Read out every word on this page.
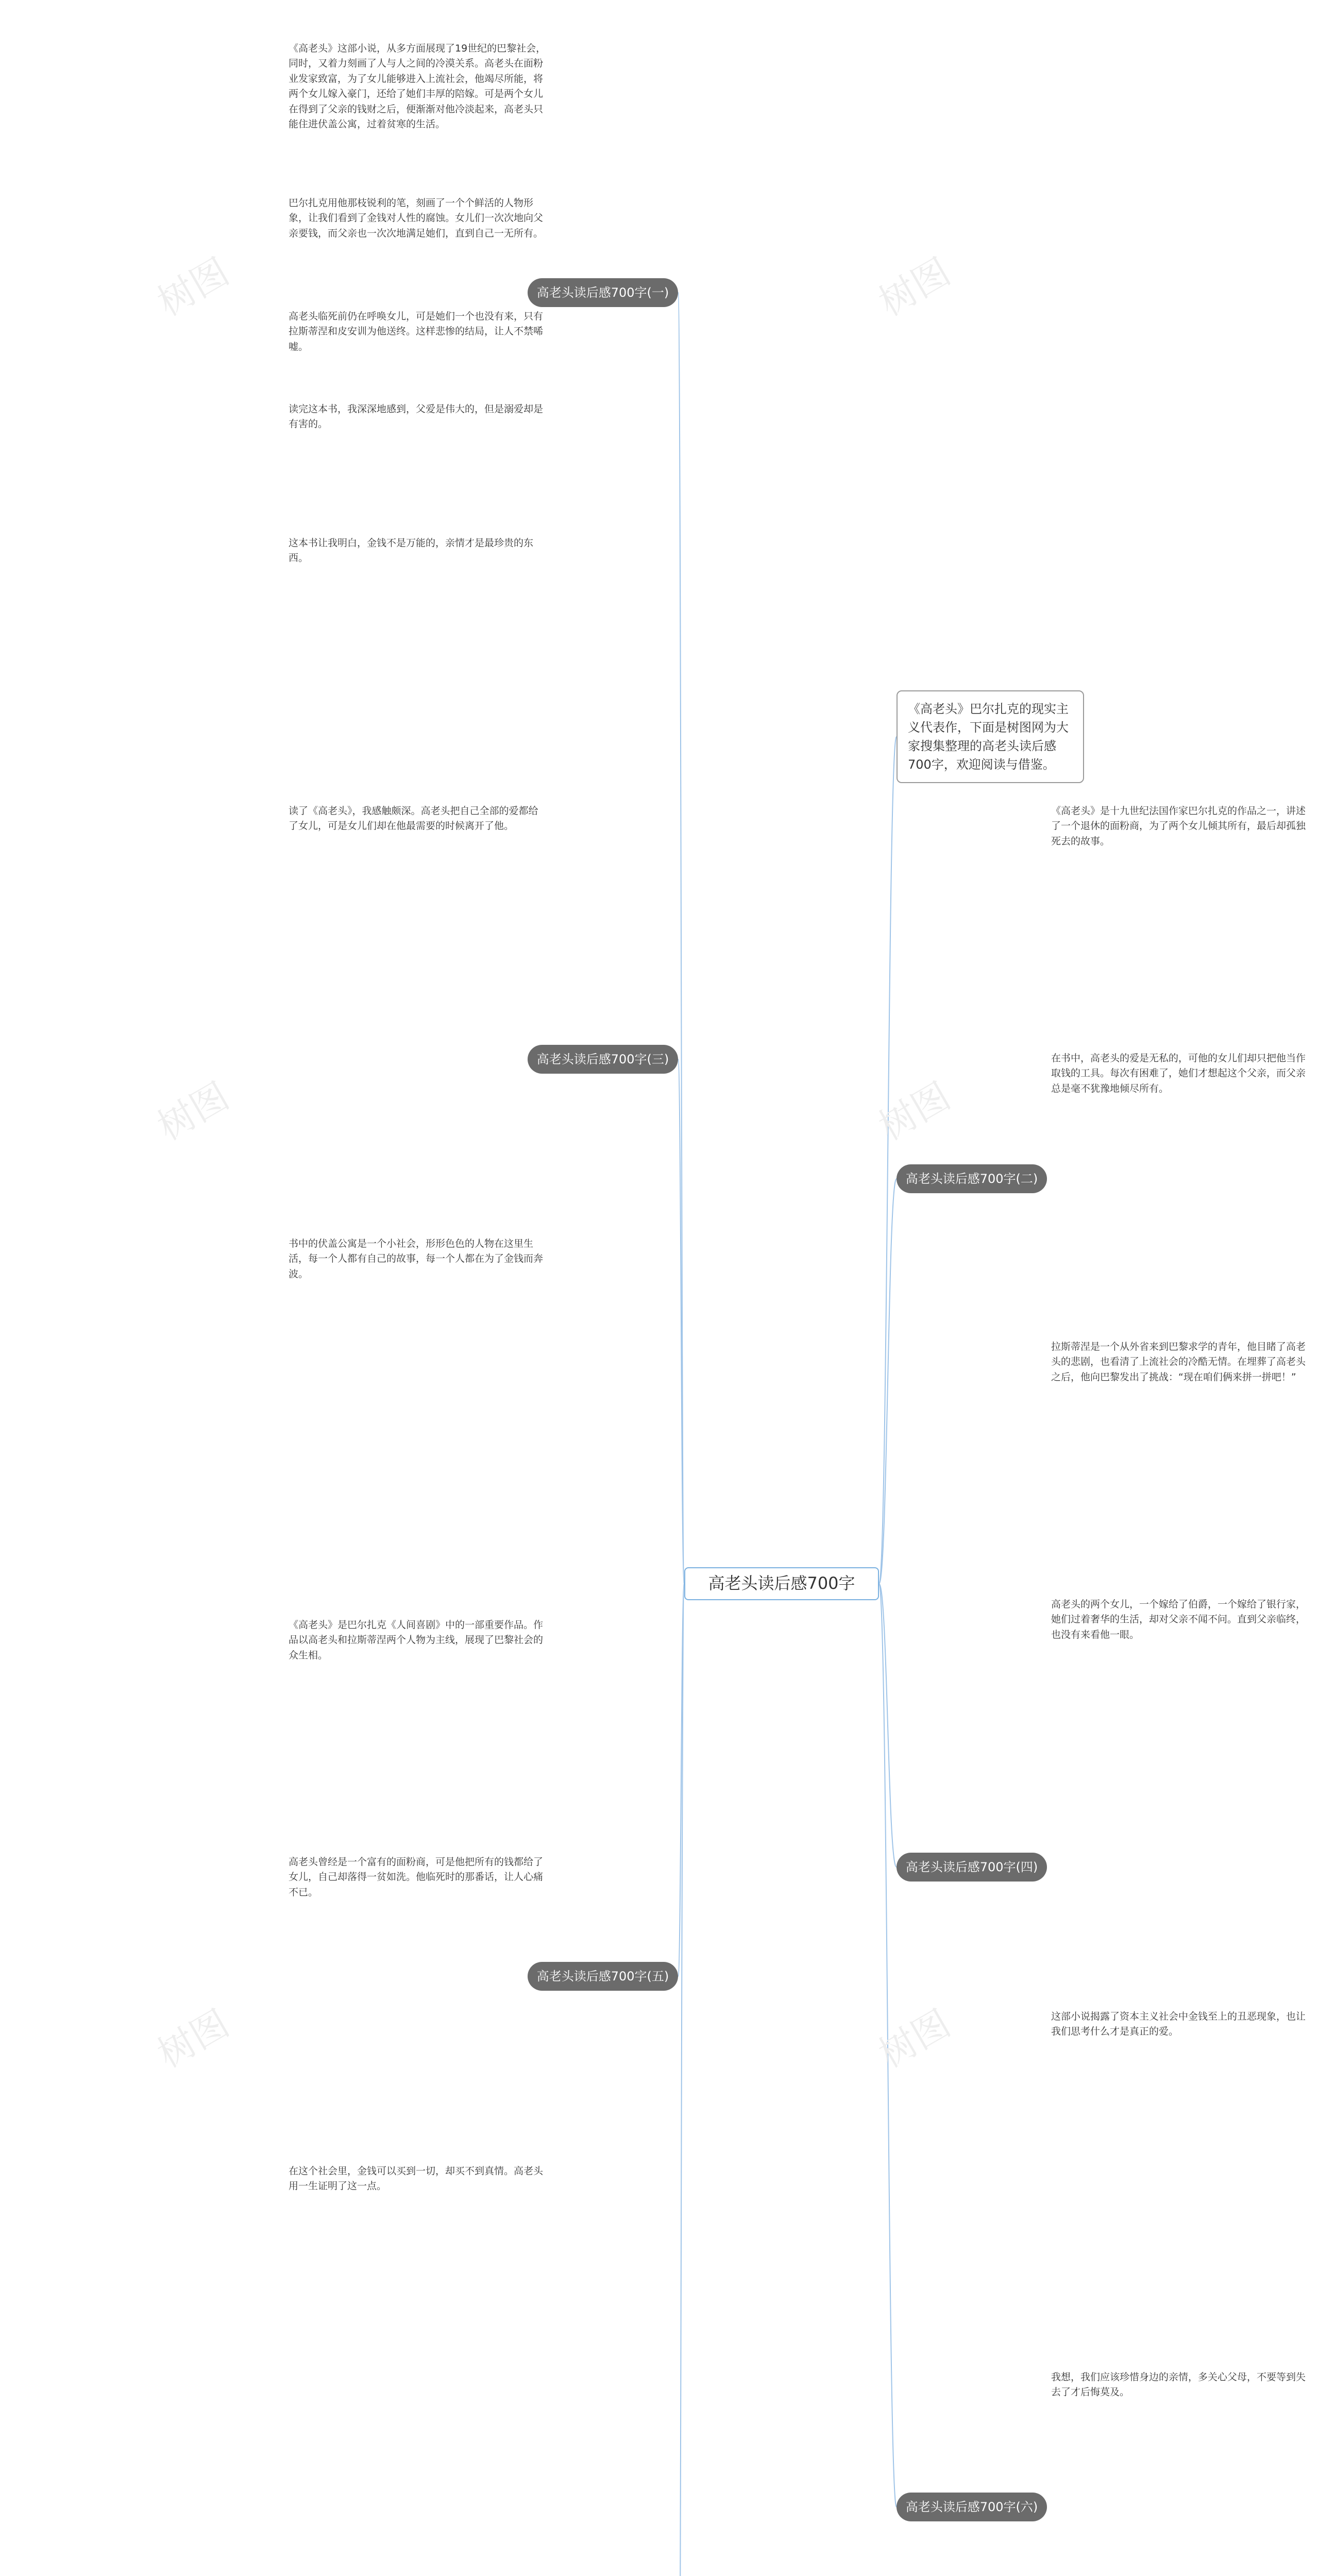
高老头读后感700字
《高老头》巴尔扎克的现实主义代表作，下面是树图网为大家搜集整理的高老头读后感700字，欢迎阅读与借鉴。
高老头读后感700字(一)
高老头读后感700字(二)
高老头读后感700字(三)
高老头读后感700字(四)
高老头读后感700字(五)
高老头读后感700字(六)
《高老头》这部小说，从多方面展现了19世纪的巴黎社会，同时，又着力刻画了人与人之间的冷漠关系。高老头在面粉业发家致富，为了女儿能够进入上流社会，他竭尽所能，将两个女儿嫁入豪门，还给了她们丰厚的陪嫁。可是两个女儿在得到了父亲的钱财之后，便渐渐对他冷淡起来，高老头只能住进伏盖公寓，过着贫寒的生活。
巴尔扎克用他那枝锐利的笔，刻画了一个个鲜活的人物形象，让我们看到了金钱对人性的腐蚀。女儿们一次次地向父亲要钱，而父亲也一次次地满足她们，直到自己一无所有。
高老头临死前仍在呼唤女儿，可是她们一个也没有来，只有拉斯蒂涅和皮安训为他送终。这样悲惨的结局，让人不禁唏嘘。
读完这本书，我深深地感到，父爱是伟大的，但是溺爱却是有害的。
《高老头》是十九世纪法国作家巴尔扎克的作品之一，讲述了一个退休的面粉商，为了两个女儿倾其所有，最后却孤独死去的故事。
在书中，高老头的爱是无私的，可他的女儿们却只把他当作取钱的工具。每次有困难了，她们才想起这个父亲，而父亲总是毫不犹豫地倾尽所有。
拉斯蒂涅是一个从外省来到巴黎求学的青年，他目睹了高老头的悲剧，也看清了上流社会的冷酷无情。在埋葬了高老头之后，他向巴黎发出了挑战：“现在咱们俩来拼一拼吧！”
这本书让我明白，金钱不是万能的，亲情才是最珍贵的东西。
读了《高老头》，我感触颇深。高老头把自己全部的爱都给了女儿，可是女儿们却在他最需要的时候离开了他。
书中的伏盖公寓是一个小社会，形形色色的人物在这里生活，每一个人都有自己的故事，每一个人都在为了金钱而奔波。
高老头的两个女儿，一个嫁给了伯爵，一个嫁给了银行家，她们过着奢华的生活，却对父亲不闻不问。直到父亲临终，也没有来看他一眼。
这部小说揭露了资本主义社会中金钱至上的丑恶现象，也让我们思考什么才是真正的爱。
《高老头》是巴尔扎克《人间喜剧》中的一部重要作品。作品以高老头和拉斯蒂涅两个人物为主线，展现了巴黎社会的众生相。
高老头曾经是一个富有的面粉商，可是他把所有的钱都给了女儿，自己却落得一贫如洗。他临死时的那番话，让人心痛不已。
在这个社会里，金钱可以买到一切，却买不到真情。高老头用一生证明了这一点。
我想，我们应该珍惜身边的亲情，多关心父母，不要等到失去了才后悔莫及。
树图	树图
树图	树图
树图	树图
